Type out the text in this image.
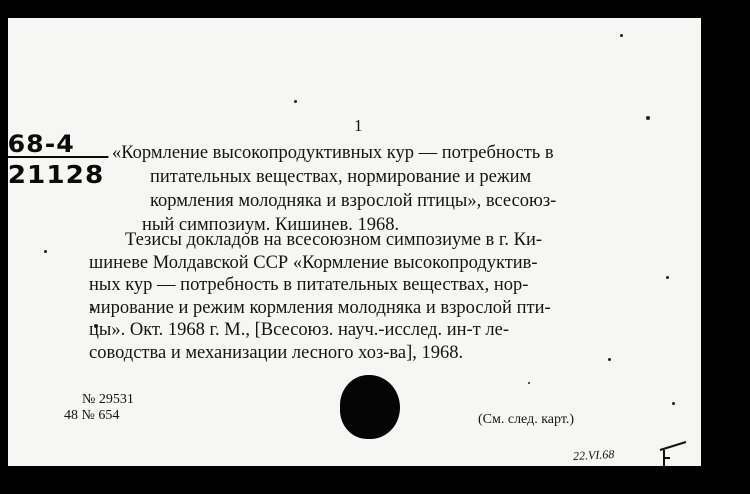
1
68-4
21128
«Кормление высокопродуктивных кур — потребность в
питательных веществах, нормирование и режим
кормления молодняка и взрослой птицы», всесоюз-
ный симпозиум. Кишинев. 1968.
Тезисы докладов на всесоюзном симпозиуме в г. Ки-
шиневе Молдавской ССР «Кормление высокопродуктив-
ных кур — потребность в питательных веществах, нор-
мирование и режим кормления молодняка и взрослой пти-
цы». Окт. 1968 г. М., [Всесоюз. науч.-исслед. ин-т ле-
соводства и механизации лесного хоз-ва], 1968.
№ 29531
48 № 654	(См. след. карт.)
22.VI.68
